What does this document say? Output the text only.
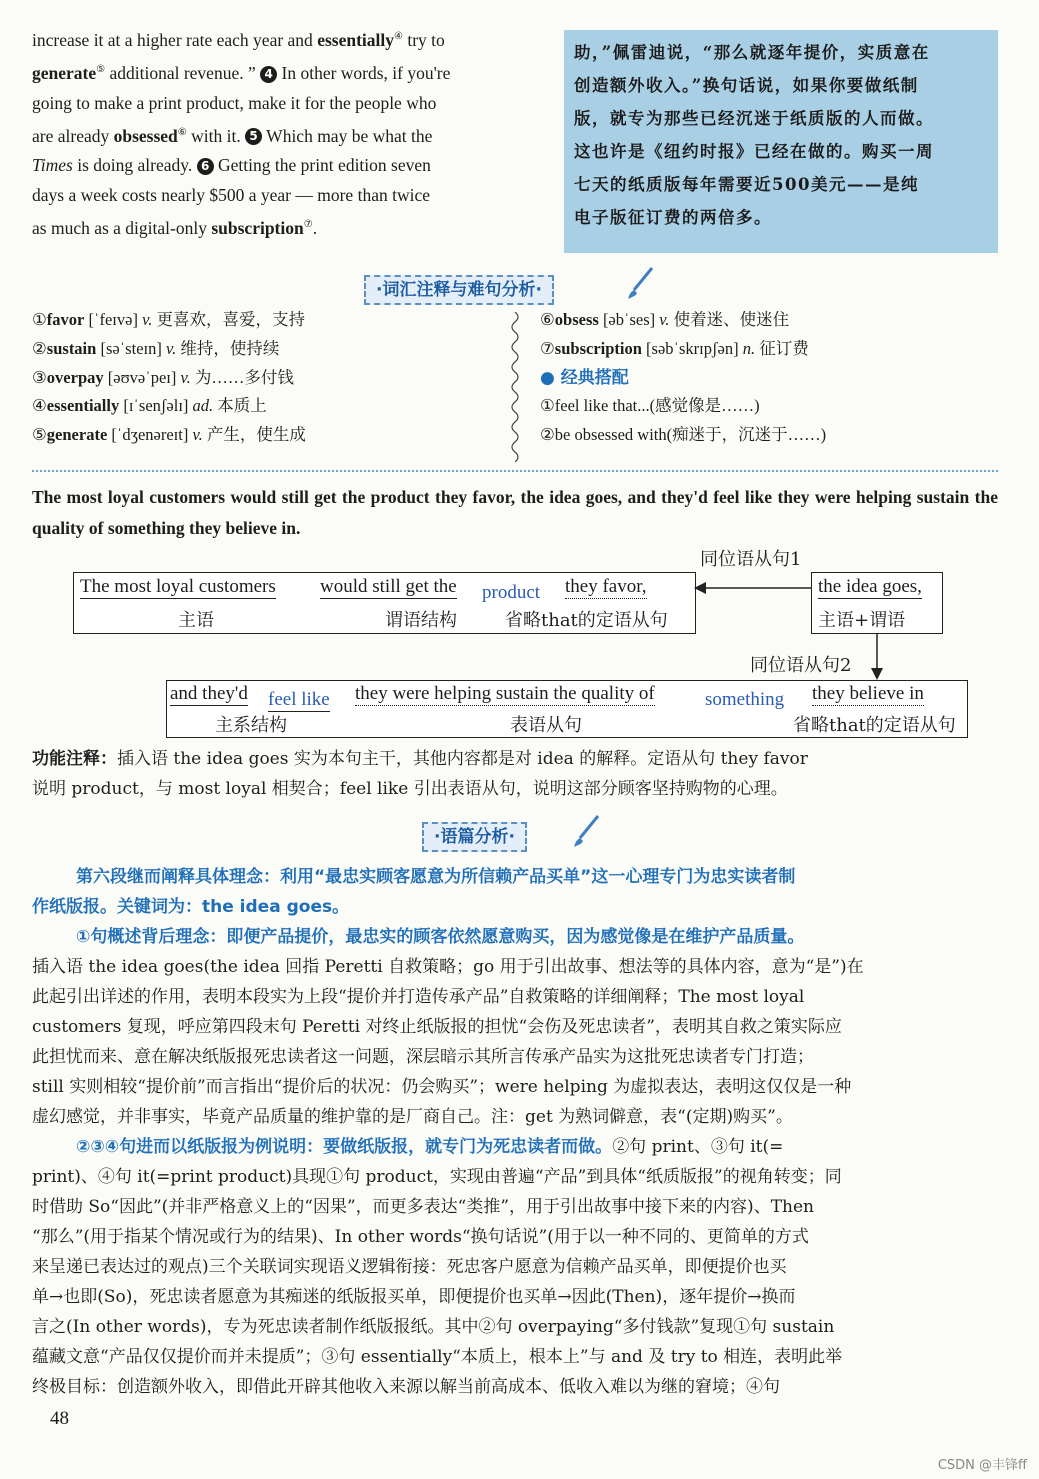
increase it at a higher rate each year and essentially④ try to
generate⑤ additional revenue. ” 4 In other words, if you're
going to make a print product, make it for the people who
are already obsessed⑥ with it. 5 Which may be what the
Times is doing already. 6 Getting the print edition seven
days a week costs nearly $500 a year — more than twice
as much as a digital-only subscription⑦.
助，”佩雷迪说，“那么就逐年提价，实质意在
创造额外收入。”换句话说，如果你要做纸制
版，就专为那些已经沉迷于纸质版的人而做。
这也许是《纽约时报》已经在做的。购买一周
七天的纸质版每年需要近500美元——是纯
电子版征订费的两倍多。
·词汇注释与难句分析·
①favor [ˈfeɪvə] v. 更喜欢，喜爱，支持
②sustain [səˈsteɪn] v. 维持，使持续
③overpay [əʊvəˈpeɪ] v. 为……多付钱
④essentially [ɪˈsenʃəlɪ] ad. 本质上
⑤generate [ˈdʒenəreɪt] v. 产生，使生成
⑥obsess [əbˈses] v. 使着迷、使迷住
⑦subscription [səbˈskrɪpʃən] n. 征订费
● 经典搭配
①feel like that...(感觉像是……)
②be obsessed with(痴迷于，沉迷于……)
The most loyal customers would still get the product they favor, the idea goes, and they'd feel like they were helping sustain the quality of something they believe in.
同位语从句1
The most loyal customers would still get the product they favor,	the idea goes,
主语	谓语结构	省略that的定语从句	主语+谓语
同位语从句2
and they'd feel like they were helping sustain the quality of	something they believe in
主系结构	表语从句	省略that的定语从句
功能注释：插入语 the idea goes 实为本句主干，其他内容都是对 idea 的解释。定语从句 they favor
说明 product，与 most loyal 相契合；feel like 引出表语从句，说明这部分顾客坚持购物的心理。
·语篇分析·
第六段继而阐释具体理念：利用“最忠实顾客愿意为所信赖产品买单”这一心理专门为忠实读者制
作纸版报。关键词为：the idea goes。
①句概述背后理念：即便产品提价，最忠实的顾客依然愿意购买，因为感觉像是在维护产品质量。
插入语 the idea goes(the idea 回指 Peretti 自救策略；go 用于引出故事、想法等的具体内容，意为“是”)在
此起引出详述的作用，表明本段实为上段“提价并打造传承产品”自救策略的详细阐释；The most loyal
customers 复现，呼应第四段末句 Peretti 对终止纸版报的担忧“会伤及死忠读者”，表明其自救之策实际应
此担忧而来、意在解决纸版报死忠读者这一问题，深层暗示其所言传承产品实为这批死忠读者专门打造；
still 实则相较“提价前”而言指出“提价后的状况：仍会购买”；were helping 为虚拟表达，表明这仅仅是一种
虚幻感觉，并非事实，毕竟产品质量的维护靠的是厂商自己。注：get 为熟词僻意，表“(定期)购买”。
②③④句进而以纸版报为例说明：要做纸版报，就专门为死忠读者而做。②句 print、③句 it(=
print)、④句 it(=print product)具现①句 product，实现由普遍“产品”到具体“纸质版报”的视角转变；同
时借助 So“因此”(并非严格意义上的“因果”，而更多表达“类推”，用于引出故事中接下来的内容)、Then
“那么”(用于指某个情况或行为的结果)、In other words“换句话说”(用于以一种不同的、更简单的方式
来呈递已表达过的观点)三个关联词实现语义逻辑衔接：死忠客户愿意为信赖产品买单，即便提价也买
单→也即(So)，死忠读者愿意为其痴迷的纸版报买单，即便提价也买单→因此(Then)，逐年提价→换而
言之(In other words)，专为死忠读者制作纸版报纸。其中②句 overpaying“多付钱款”复现①句 sustain
蕴藏文意“产品仅仅提价而并未提质”；③句 essentially“本质上，根本上”与 and 及 try to 相连，表明此举
终极目标：创造额外收入，即借此开辟其他收入来源以解当前高成本、低收入难以为继的窘境；④句
48
CSDN @丰锋ff
